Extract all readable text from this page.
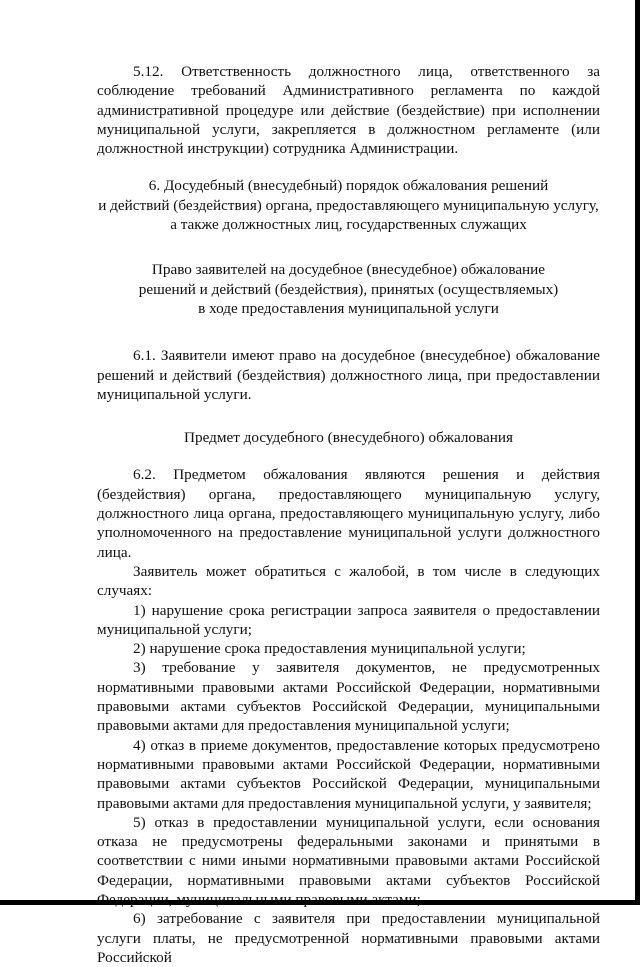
5.12. Ответственность должностного лица, ответственного за соблюдение требований Административного регламента по каждой административной процедуре или действие (бездействие) при исполнении муниципальной услуги, закрепляется в должностном регламенте (или должностной инструкции) сотрудника Администрации.

6. Досудебный (внесудебный) порядок обжалования решений
и действий (бездействия) органа, предоставляющего муниципальную услугу,
а также должностных лиц, государственных служащих
Право заявителей на досудебное (внесудебное) обжалование
решений и действий (бездействия), принятых (осуществляемых)
в ходе предоставления муниципальной услуги

6.1. Заявители имеют право на досудебное (внесудебное) обжалование решений и действий (бездействия) должностного лица, при предоставлении муниципальной услуги.

Предмет досудебного (внесудебного) обжалования

6.2. Предметом обжалования являются решения и действия (бездействия) органа, предоставляющего муниципальную услугу, должностного лица органа, предоставляющего муниципальную услугу, либо уполномоченного на предоставление муниципальной услуги должностного лица.

Заявитель может обратиться с жалобой, в том числе в следующих случаях:

1) нарушение срока регистрации запроса заявителя о предоставлении муниципальной услуги;

2) нарушение срока предоставления муниципальной услуги;

3) требование у заявителя документов, не предусмотренных нормативными правовыми актами Российской Федерации, нормативными правовыми актами субъектов Российской Федерации, муниципальными правовыми актами для предоставления муниципальной услуги;

4) отказ в приеме документов, предоставление которых предусмотрено нормативными правовыми актами Российской Федерации, нормативными правовыми актами субъектов Российской Федерации, муниципальными правовыми актами для предоставления муниципальной услуги, у заявителя;

5) отказ в предоставлении муниципальной услуги, если основания отказа не предусмотрены федеральными законами и принятыми в соответствии с ними иными нормативными правовыми актами Российской Федерации, нормативными правовыми актами субъектов Российской

6) затребование с заявителя при предоставлении муниципальной услуги платы, не предусмотренной нормативными правовыми актами Российской
